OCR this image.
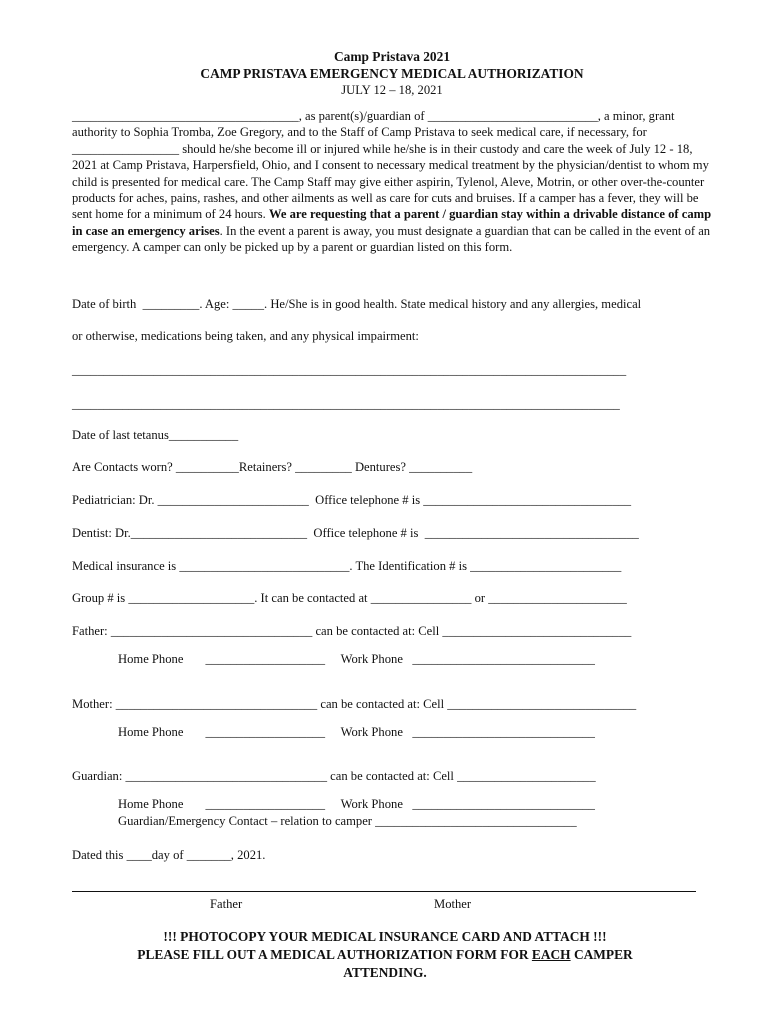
Camp Pristava 2021
CAMP PRISTAVA EMERGENCY MEDICAL AUTHORIZATION
JULY 12 – 18, 2021
____________________________________, as parent(s)/guardian of ___________________________, a minor, grant authority to Sophia Tromba, Zoe Gregory, and to the Staff of Camp Pristava to seek medical care, if necessary, for _________________ should he/she become ill or injured while he/she is in their custody and care the week of July 12 - 18, 2021 at Camp Pristava, Harpersfield, Ohio, and I consent to necessary medical treatment by the physician/dentist to whom my child is presented for medical care. The Camp Staff may give either aspirin, Tylenol, Aleve, Motrin, or other over-the-counter products for aches, pains, rashes, and other ailments as well as care for cuts and bruises. If a camper has a fever, they will be sent home for a minimum of 24 hours. We are requesting that a parent / guardian stay within a drivable distance of camp in case an emergency arises. In the event a parent is away, you must designate a guardian that can be called in the event of an emergency. A camper can only be picked up by a parent or guardian listed on this form.
Date of birth  _________. Age: _____. He/She is in good health. State medical history and any allergies, medical
or otherwise, medications being taken, and any physical impairment:
________________________________________________________________________________________
_______________________________________________________________________________________
Date of last tetanus___________
Are Contacts worn? __________Retainers? _________ Dentures? __________
Pediatrician: Dr. ________________________  Office telephone # is _________________________________
Dentist: Dr.____________________________  Office telephone # is  __________________________________
Medical insurance is ___________________________. The Identification # is ________________________
Group # is ____________________. It can be contacted at ________________ or ______________________
Father: ________________________________ can be contacted at: Cell ______________________________
Home Phone       ___________________     Work Phone   _____________________________
Mother: ________________________________ can be contacted at: Cell ______________________________
Home Phone       ___________________     Work Phone   _____________________________
Guardian: ________________________________ can be contacted at: Cell ______________________
Home Phone       ___________________     Work Phone   _____________________________
Guardian/Emergency Contact – relation to camper ________________________________
Dated this ____day of _______, 2021.
Father	Mother
!!! PHOTOCOPY YOUR MEDICAL INSURANCE CARD AND ATTACH !!!
PLEASE FILL OUT A MEDICAL AUTHORIZATION FORM FOR EACH CAMPER
ATTENDING.
